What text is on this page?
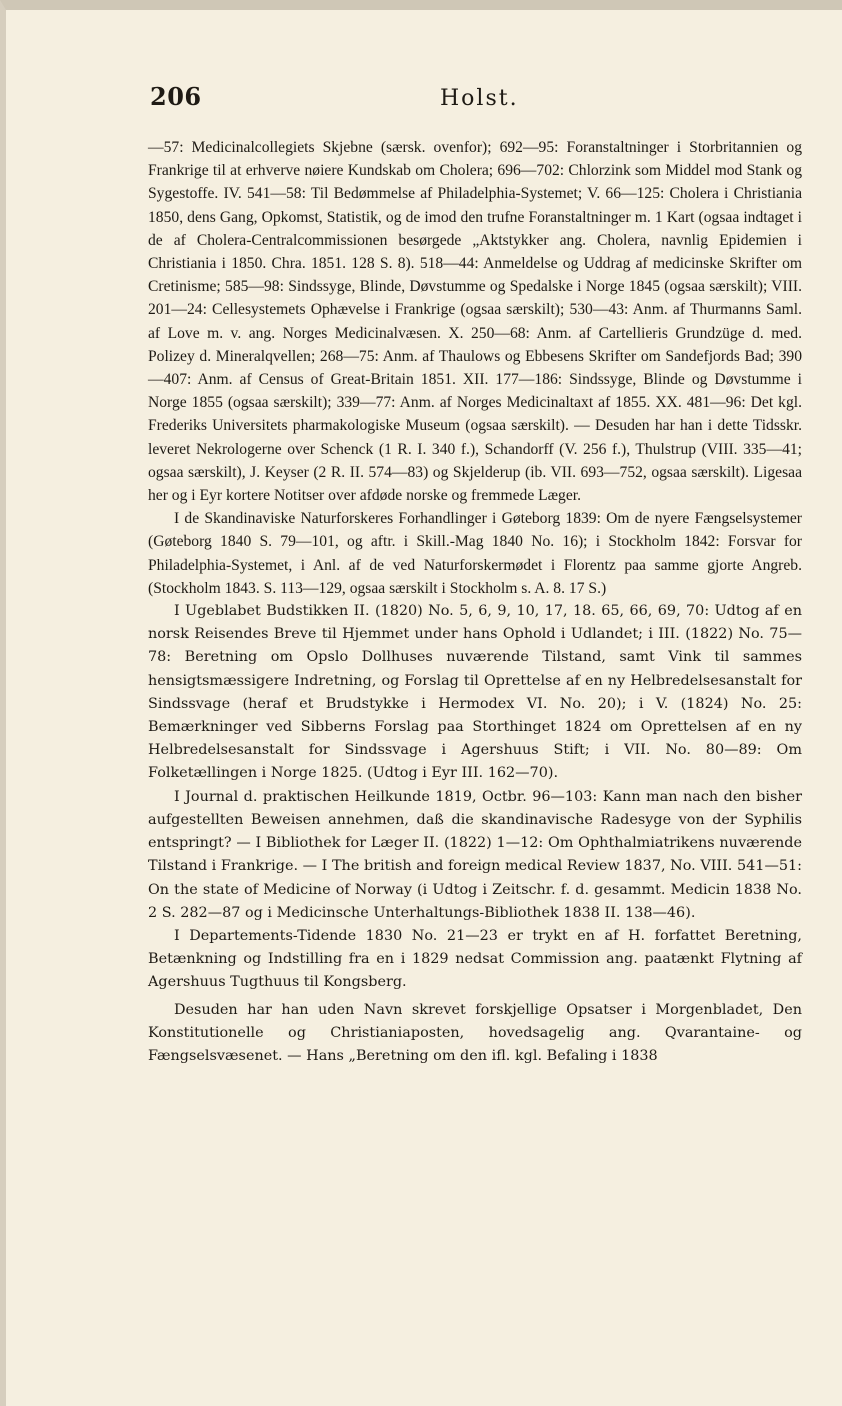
206	Holst.

—57: Medicinalcollegiets Skjebne (særsk. ovenfor); 692—95: Foranstaltninger i Storbritannien og Frankrige til at erhverve nøiere Kundskab om Cholera; 696—702: Chlorzink som Middel mod Stank og Sygestoffe. IV. 541—58: Til Bedømmelse af Philadelphia-Systemet; V. 66—125: Cholera i Christiania 1850, dens Gang, Opkomst, Statistik, og de imod den trufne Foranstaltninger m. 1 Kart (ogsaa indtaget i de af Cholera-Centralcommissionen besørgede „Aktstykker ang. Cholera, navnlig Epidemien i Christiania i 1850. Chra. 1851. 128 S. 8). 518—44: Anmeldelse og Uddrag af medicinske Skrifter om Cretinisme; 585—98: Sindssyge, Blinde, Døvstumme og Spedalske i Norge 1845 (ogsaa særskilt); VIII. 201—24: Cellesystemets Ophævelse i Frankrige (ogsaa særskilt); 530—43: Anm. af Thurmanns Saml. af Love m. v. ang. Norges Medicinalvæsen. X. 250—68: Anm. af Cartellieris Grundzüge d. med. Polizey d. Mineralqvellen; 268—75: Anm. af Thaulows og Ebbesens Skrifter om Sandefjords Bad; 390—407: Anm. af Census of Great-Britain 1851. XII. 177—186: Sindssyge, Blinde og Døvstumme i Norge 1855 (ogsaa særskilt); 339—77: Anm. af Norges Medicinaltaxt af 1855. XX. 481—96: Det kgl. Frederiks Universitets pharmakologiske Museum (ogsaa særskilt). — Desuden har han i dette Tidsskr. leveret Nekrologerne over Schenck (1 R. I. 340 f.), Schandorff (V. 256 f.), Thulstrup (VIII. 335—41; ogsaa særskilt), J. Keyser (2 R. II. 574—83) og Skjelderup (ib. VII. 693—752, ogsaa særskilt). Ligesaa her og i Eyr kortere Notitser over afdøde norske og fremmede Læger.

I de Skandinaviske Naturforskeres Forhandlinger i Gøteborg 1839: Om de nyere Fængselsystemer (Gøteborg 1840 S. 79—101, og aftr. i Skill.-Mag 1840 No. 16); i Stockholm 1842: Forsvar for Philadelphia-Systemet, i Anl. af de ved Naturforskermødet i Florentz paa samme gjorte Angreb. (Stockholm 1843. S. 113—129, ogsaa særskilt i Stockholm s. A. 8. 17 S.)

I Ugeblabet Budstikken II. (1820) No. 5, 6, 9, 10, 17, 18. 65, 66, 69, 70: Udtog af en norsk Reisendes Breve til Hjemmet under hans Ophold i Udlandet; i III. (1822) No. 75—78: Beretning om Opslo Dollhuses nuværende Tilstand, samt Vink til sammes hensigtsmæssigere Indretning, og Forslag til Oprettelse af en ny Helbredelsesanstalt for Sindssvage (heraf et Brudstykke i Hermodex VI. No. 20); i V. (1824) No. 25: Bemærkninger ved Sibberns Forslag paa Storthinget 1824 om Oprettelsen af en ny Helbredelsesanstalt for Sindssvage i Agershuus Stift; i VII. No. 80—89: Om Folketællingen i Norge 1825. (Udtog i Eyr III. 162—70).

I Journal d. praktischen Heilkunde 1819, Octbr. 96—103: Kann man nach den bisher aufgestellten Beweisen annehmen, daß die skandinavische Radesyge von der Syphilis entspringt? — I Bibliothek for Læger II. (1822) 1—12: Om Ophthalmiatrikens nuværende Tilstand i Frankrige. — I The british and foreign medical Review 1837, No. VIII. 541—51: On the state of Medicine of Norway (i Udtog i Zeitschr. f. d. gesammt. Medicin 1838 No. 2 S. 282—87 og i Medicinsche Unterhaltungs-Bibliothek 1838 II. 138—46).

I Departements-Tidende 1830 No. 21—23 er trykt en af H. forfattet Beretning, Betænkning og Indstilling fra en i 1829 nedsat Commission ang. paatænkt Flytning af Agershuus Tugthuus til Kongsberg.

Desuden har han uden Navn skrevet forskjellige Opsatser i Morgenbladet, Den Konstitutionelle og Christianiaposten, hovedsagelig ang. Qvarantaine- og Fængselsvæsenet. — Hans „Beretning om den ifl. kgl. Befaling i 1838
